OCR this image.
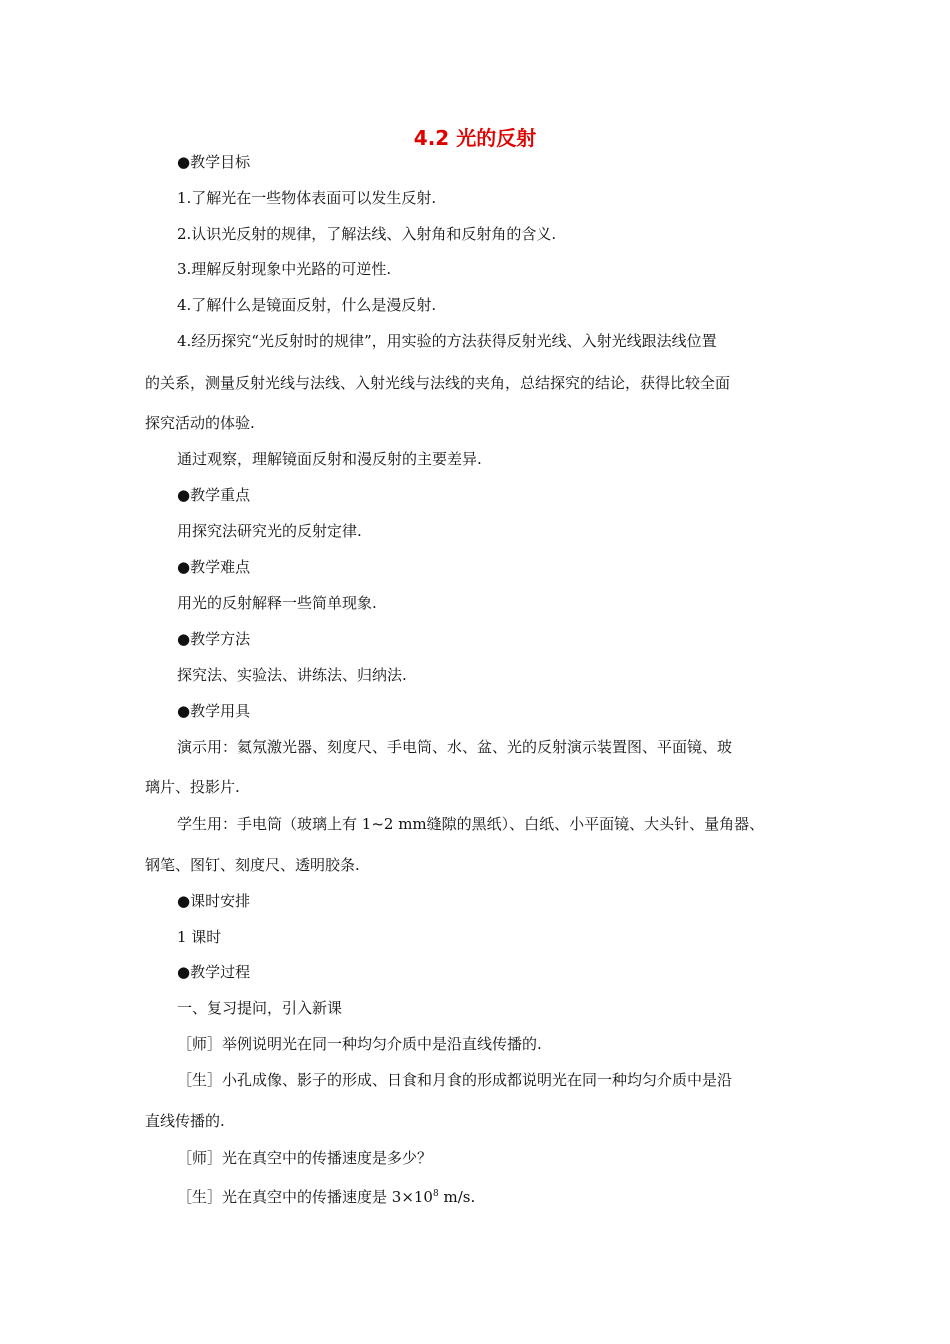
4.2 光的反射
●教学目标
1.了解光在一些物体表面可以发生反射.
2.认识光反射的规律，了解法线、入射角和反射角的含义.
3.理解反射现象中光路的可逆性.
4.了解什么是镜面反射，什么是漫反射.
4.经历探究“光反射时的规律”，用实验的方法获得反射光线、入射光线跟法线位置
的关系，测量反射光线与法线、入射光线与法线的夹角，总结探究的结论，获得比较全面
探究活动的体验.
通过观察，理解镜面反射和漫反射的主要差异.
●教学重点
用探究法研究光的反射定律.
●教学难点
用光的反射解释一些简单现象.
●教学方法
探究法、实验法、讲练法、归纳法.
●教学用具
演示用：氦氖激光器、刻度尺、手电筒、水、盆、光的反射演示装置图、平面镜、玻
璃片、投影片.
学生用：手电筒（玻璃上有 1~2 mm缝隙的黑纸）、白纸、小平面镜、大头针、量角器、
钢笔、图钉、刻度尺、透明胶条.
●课时安排
1 课时
●教学过程
一、复习提问，引入新课
［师］举例说明光在同一种均匀介质中是沿直线传播的.
［生］小孔成像、影子的形成、日食和月食的形成都说明光在同一种均匀介质中是沿
直线传播的.
［师］光在真空中的传播速度是多少？
［生］光在真空中的传播速度是 $3\times 10^8$ m/s.
